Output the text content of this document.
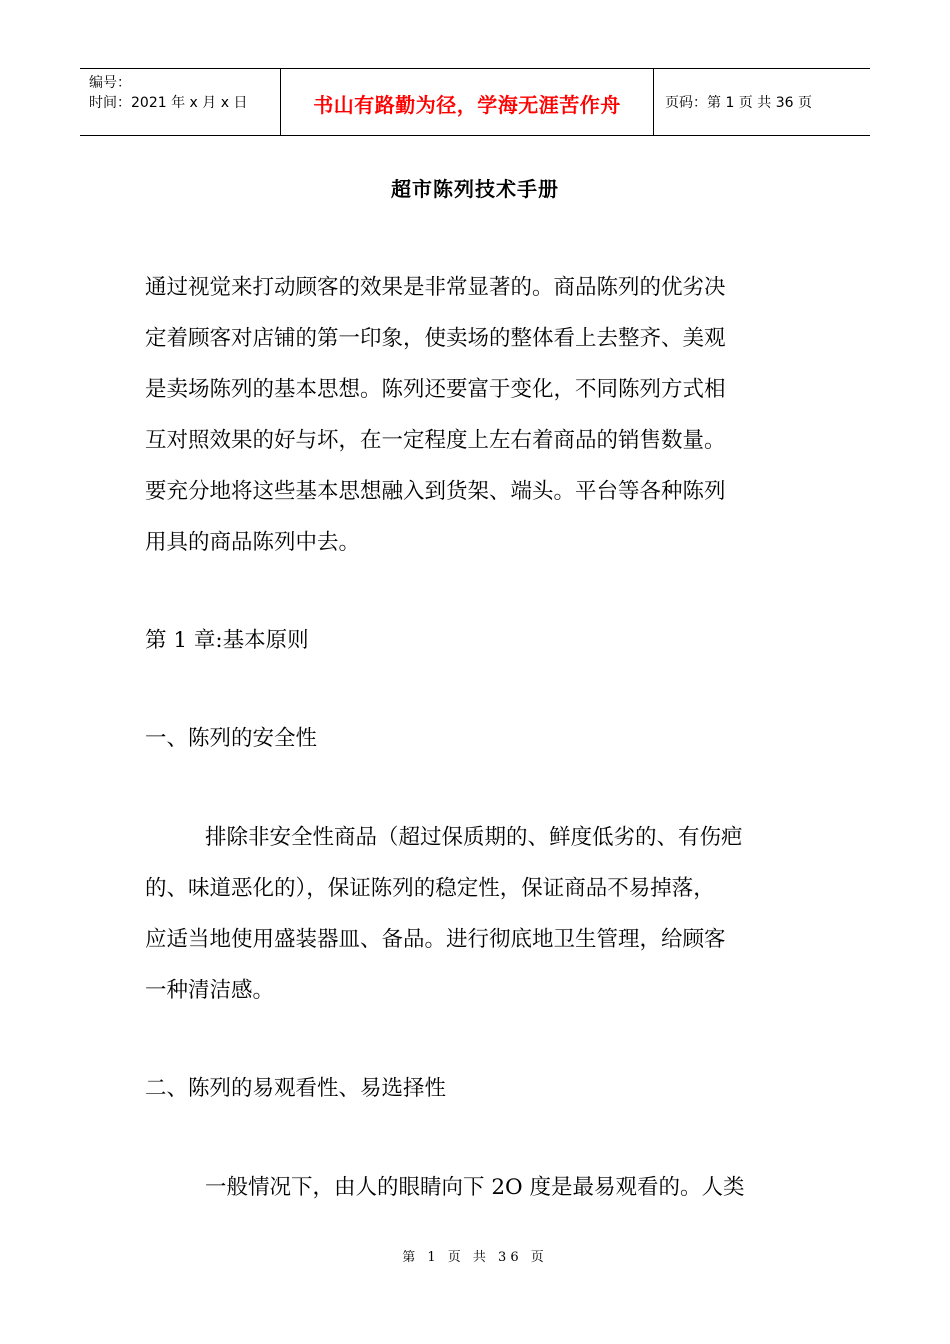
编号：
时间：2021 年 x 月 x 日	书山有路勤为径，学海无涯苦作舟	页码：第 1 页 共 36 页
超市陈列技术手册

通过视觉来打动顾客的效果是非常显著的。商品陈列的优劣决
定着顾客对店铺的第一印象，使卖场的整体看上去整齐、美观
是卖场陈列的基本思想。陈列还要富于变化，不同陈列方式相
互对照效果的好与坏，在一定程度上左右着商品的销售数量。
要充分地将这些基本思想融入到货架、端头。平台等各种陈列
用具的商品陈列中去。

第 1 章:基本原则

一、陈列的安全性

排除非安全性商品（超过保质期的、鲜度低劣的、有伤疤
的、味道恶化的），保证陈列的稳定性，保证商品不易掉落，
应适当地使用盛装器皿、备品。进行彻底地卫生管理，给顾客
一种清洁感。

二、陈列的易观看性、易选择性

一般情况下，由人的眼睛向下 2O 度是最易观看的。人类

第 1 页 共 36 页
